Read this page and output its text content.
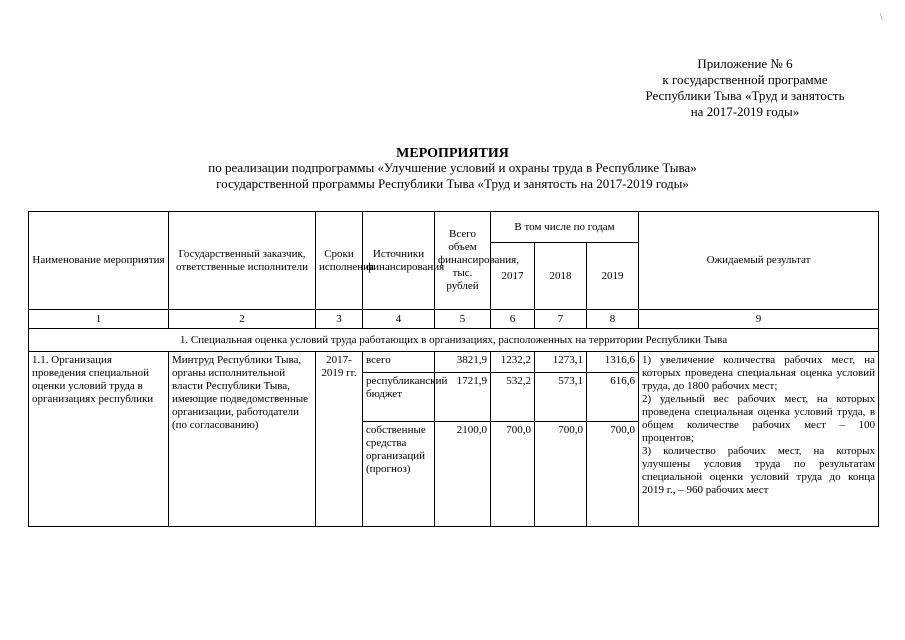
\
Приложение № 6
к государственной программе
Республики Тыва «Труд и занятость
на 2017-2019 годы»
МЕРОПРИЯТИЯ
по реализации подпрограммы «Улучшение условий и охраны труда в Республике Тыва»
государственной программы Республики Тыва «Труд и занятость на 2017-2019 годы»
Наименование мероприятия	Государственный заказчик, ответственные исполнители	Сроки исполнения	Источники финансирования	Всего объем финансирования, тыс. рублей	В том числе по годам			Ожидаемый результат
					2017	2018	2019	
1	2	3	4	5	6	7	8	9
1. Специальная оценка условий труда работающих в организациях, расположенных на территории Республики Тыва								
1.1. Организация проведения специальной оценки условий труда в организациях республики	Минтруд Республики Тыва, органы исполнительной власти Республики Тыва, имеющие подведомственные организации, работодатели (по согласованию)	2017-2019 гг.	всего	3821,9	1232,2	1273,1	1316,6	1) увеличение количества рабочих мест, на которых проведена специальная оценка условий труда, до 1800 рабочих мест;
2) удельный вес рабочих мест, на которых проведена специальная оценка условий труда, в общем количестве рабочих мест – 100 процентов;
3) количество рабочих мест, на которых улучшены условия труда по результатам специальной оценки условий труда до конца 2019 г., – 960 рабочих мест

			республиканский бюджет	1721,9	532,2	573,1	616,6	
			собственные средства организаций (прогноз)	2100,0	700,0	700,0	700,0	
